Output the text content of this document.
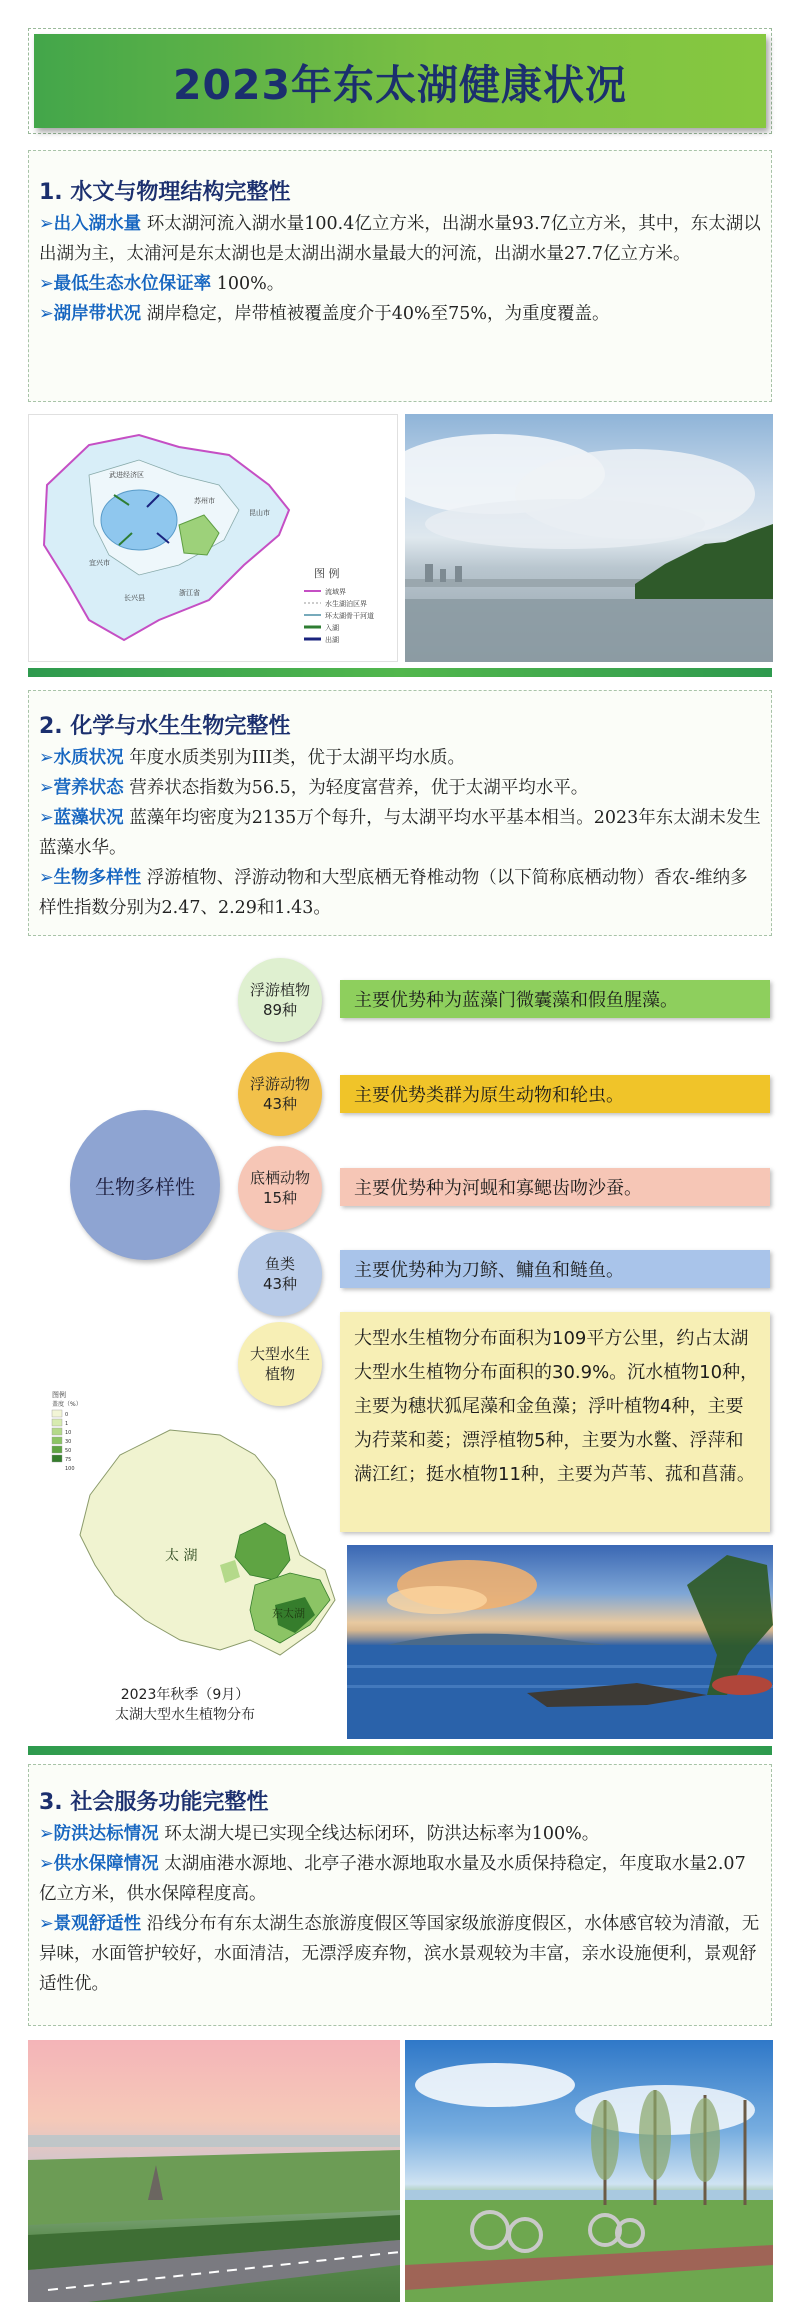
2023年东太湖健康状况
1. 水文与物理结构完整性

➢出入湖水量 环太湖河流入湖水量100.4亿立方米，出湖水量93.7亿立方米，其中，东太湖以出湖为主，太浦河是东太湖也是太湖出湖水量最大的河流，出湖水量27.7亿立方米。

➢最低生态水位保证率 100%。

➢湖岸带状况 湖岸稳定，岸带植被覆盖度介于40%至75%，为重度覆盖。

武进经济区
宜兴市
苏州市
昆山市
浙江省
长兴县
图 例
流域界
水生湖泊区界
环太湖骨干河道
入湖
出湖
2. 化学与水生生物完整性

➢水质状况 年度水质类别为III类，优于太湖平均水质。

➢营养状态 营养状态指数为56.5，为轻度富营养，优于太湖平均水平。

➢蓝藻状况 蓝藻年均密度为2135万个每升，与太湖平均水平基本相当。2023年东太湖未发生蓝藻水华。

➢生物多样性 浮游植物、浮游动物和大型底栖无脊椎动物（以下简称底栖动物）香农-维纳多样性指数分别为2.47、2.29和1.43。

生物多样性
浮游植物
89种	主要优势种为蓝藻门微囊藻和假鱼腥藻。
浮游动物
43种	主要优势类群为原生动物和轮虫。
底栖动物
15种	主要优势种为河蚬和寡鳃齿吻沙蚕。
鱼类
43种
主要优势种为刀鲚、鳙鱼和鲢鱼。
大型水生植物
大型水生植物分布面积为109平方公里，约占太湖大型水生植物分布面积的30.9%。沉水植物10种，主要为穗状狐尾藻和金鱼藻；浮叶植物4种，主要为荇菜和菱；漂浮植物5种，主要为水鳖、浮萍和满江红；挺水植物11种，主要为芦苇、菰和菖蒲。
图例
盖度（%）
0
1
10
30
50
75
100
太 湖
东太湖
2023年秋季（9月）
太湖大型水生植物分布
3. 社会服务功能完整性

➢防洪达标情况 环太湖大堤已实现全线达标闭环，防洪达标率为100%。

➢供水保障情况 太湖庙港水源地、北亭子港水源地取水量及水质保持稳定，年度取水量2.07亿立方米，供水保障程度高。

➢景观舒适性 沿线分布有东太湖生态旅游度假区等国家级旅游度假区，水体感官较为清澈，无异味，水面管护较好，水面清洁，无漂浮废弃物，滨水景观较为丰富，亲水设施便利，景观舒适性优。
